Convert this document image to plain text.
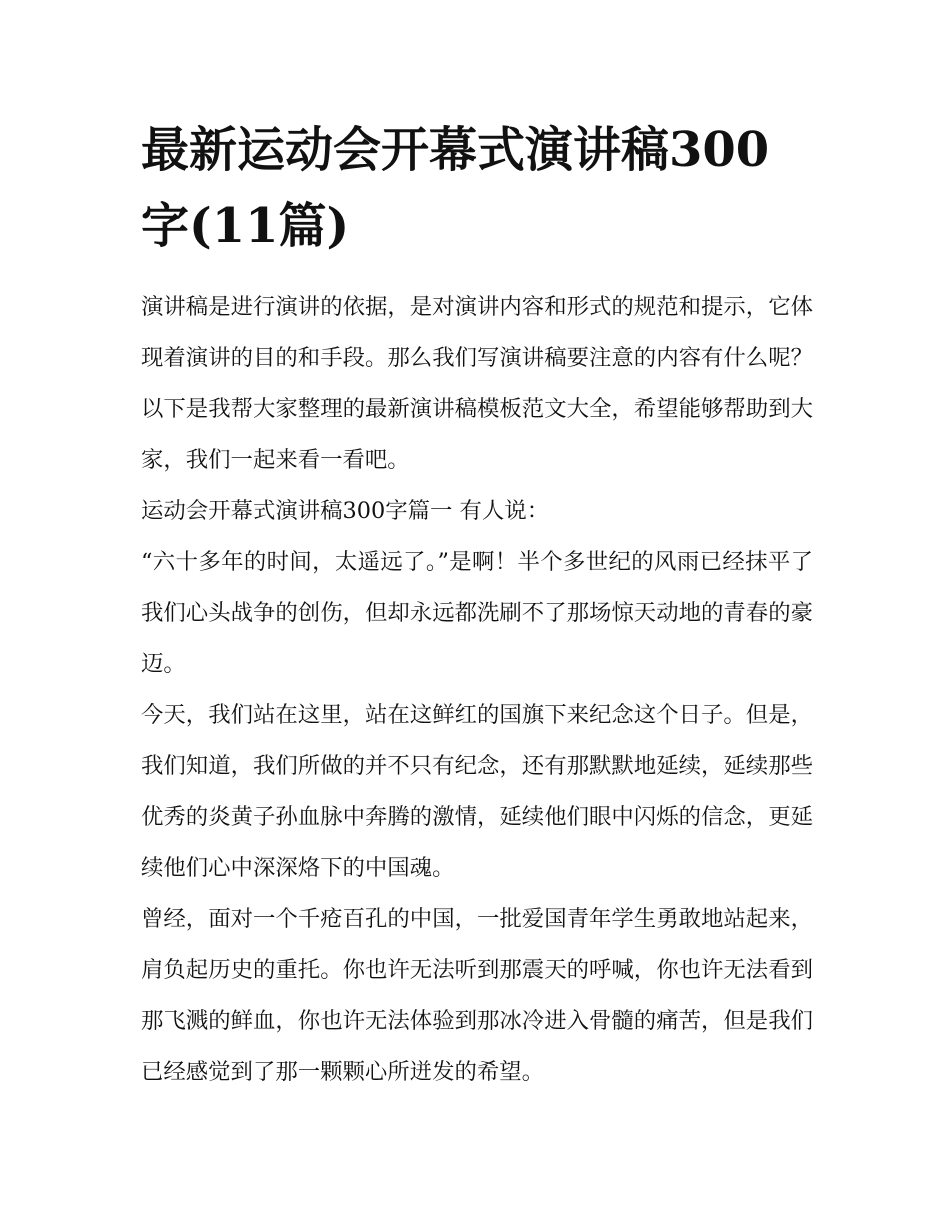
最新运动会开幕式演讲稿300字(11篇)

演讲稿是进行演讲的依据，是对演讲内容和形式的规范和提示，它体现着演讲的目的和手段。那么我们写演讲稿要注意的内容有什么呢？以下是我帮大家整理的最新演讲稿模板范文大全，希望能够帮助到大家，我们一起来看一看吧。

运动会开幕式演讲稿300字篇一 有人说：

“六十多年的时间，太遥远了。”是啊！半个多世纪的风雨已经抹平了我们心头战争的创伤，但却永远都洗刷不了那场惊天动地的青春的豪迈。

今天，我们站在这里，站在这鲜红的国旗下来纪念这个日子。但是，我们知道，我们所做的并不只有纪念，还有那默默地延续，延续那些优秀的炎黄子孙血脉中奔腾的激情，延续他们眼中闪烁的信念，更延续他们心中深深烙下的中国魂。

曾经，面对一个千疮百孔的中国，一批爱国青年学生勇敢地站起来，肩负起历史的重托。你也许无法听到那震天的呼喊，你也许无法看到那飞溅的鲜血，你也许无法体验到那冰冷进入骨髓的痛苦，但是我们已经感觉到了那一颗颗心所迸发的希望。
